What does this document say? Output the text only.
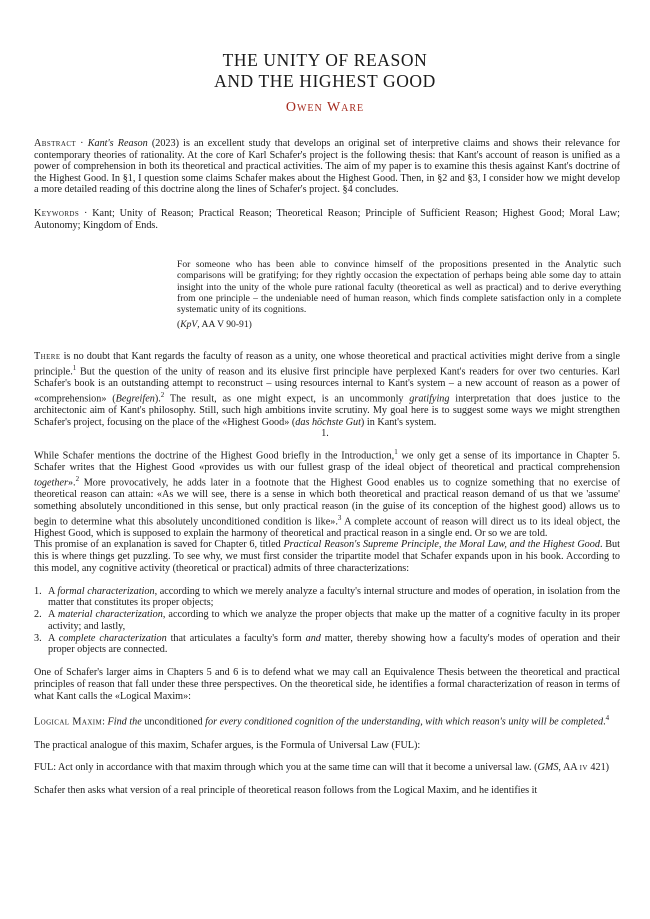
THE UNITY OF REASON
AND THE HIGHEST GOOD
Owen Ware

Abstract · Kant's Reason (2023) is an excellent study that develops an original set of interpretive claims and shows their relevance for contemporary theories of rationality. At the core of Karl Schafer's project is the following thesis: that Kant's account of reason is unified as a power of comprehension in both its theoretical and practical activities. The aim of my paper is to examine this thesis against Kant's doctrine of the Highest Good. In §1, I question some claims Schafer makes about the Highest Good. Then, in §2 and §3, I consider how we might develop a more detailed reading of this doctrine along the lines of Schafer's project. §4 concludes.

Keywords · Kant; Unity of Reason; Practical Reason; Theoretical Reason; Principle of Sufficient Reason; Highest Good; Moral Law; Autonomy; Kingdom of Ends.

For someone who has been able to convince himself of the propositions presented in the Analytic such comparisons will be gratifying; for they rightly occasion the expectation of perhaps being able some day to attain insight into the unity of the whole pure rational faculty (theoretical as well as practical) and to derive everything from one principle – the undeniable need of human reason, which finds complete satisfaction only in a complete systematic unity of its cognitions.

(KpV, AA V 90-91)

There is no doubt that Kant regards the faculty of reason as a unity, one whose theoretical and practical activities might derive from a single principle.$^1$ But the question of the unity of reason and its elusive first principle have perplexed Kant's readers for over two centuries. Karl Schafer's book is an outstanding attempt to reconstruct – using resources internal to Kant's system – a new account of reason as a power of «comprehension» (Begreifen).$^2$ The result, as one might expect, is an uncommonly gratifying interpretation that does justice to the architectonic aim of Kant's philosophy. Still, such high ambitions invite scrutiny. My goal here is to suggest some ways we might strengthen Schafer's project, focusing on the place of the «Highest Good» (das höchste Gut) in Kant's system.

1.

While Schafer mentions the doctrine of the Highest Good briefly in the Introduction,$^1$ we only get a sense of its importance in Chapter 5. Schafer writes that the Highest Good «provides us with our fullest grasp of the ideal object of theoretical and practical comprehension together».$^2$ More provocatively, he adds later in a footnote that the Highest Good enables us to cognize something that no exercise of theoretical reason can attain: «As we will see, there is a sense in which both theoretical and practical reason demand of us that we 'assume' something absolutely unconditioned in this sense, but only practical reason (in the guise of its conception of the highest good) allows us to begin to determine what this absolutely unconditioned condition is like».$^3$ A complete account of reason will direct us to its ideal object, the Highest Good, which is supposed to explain the harmony of theoretical and practical reason in a single end. Or so we are told.

This promise of an explanation is saved for Chapter 6, titled Practical Reason's Supreme Principle, the Moral Law, and the Highest Good. But this is where things get puzzling. To see why, we must first consider the tripartite model that Schafer expands upon in his book. According to this model, any cognitive activity (theoretical or practical) admits of three characterizations:

1. A formal characterization, according to which we merely analyze a faculty's internal structure and modes of operation, in isolation from the matter that constitutes its proper objects;
2. A material characterization, according to which we analyze the proper objects that make up the matter of a cognitive faculty in its proper activity; and lastly,
3. A complete characterization that articulates a faculty's form and matter, thereby showing how a faculty's modes of operation and their proper objects are connected.

One of Schafer's larger aims in Chapters 5 and 6 is to defend what we may call an Equivalence Thesis between the theoretical and practical principles of reason that fall under these three perspectives. On the theoretical side, he identifies a formal characterization of reason in terms of what Kant calls the «Logical Maxim»:

Logical Maxim: Find the unconditioned for every conditioned cognition of the understanding, with which reason's unity will be completed.$^4$

The practical analogue of this maxim, Schafer argues, is the Formula of Universal Law (FUL):

FUL: Act only in accordance with that maxim through which you at the same time can will that it become a universal law. (GMS, AA iv 421)

Schafer then asks what version of a real principle of theoretical reason follows from the Logical Maxim, and he identifies it
